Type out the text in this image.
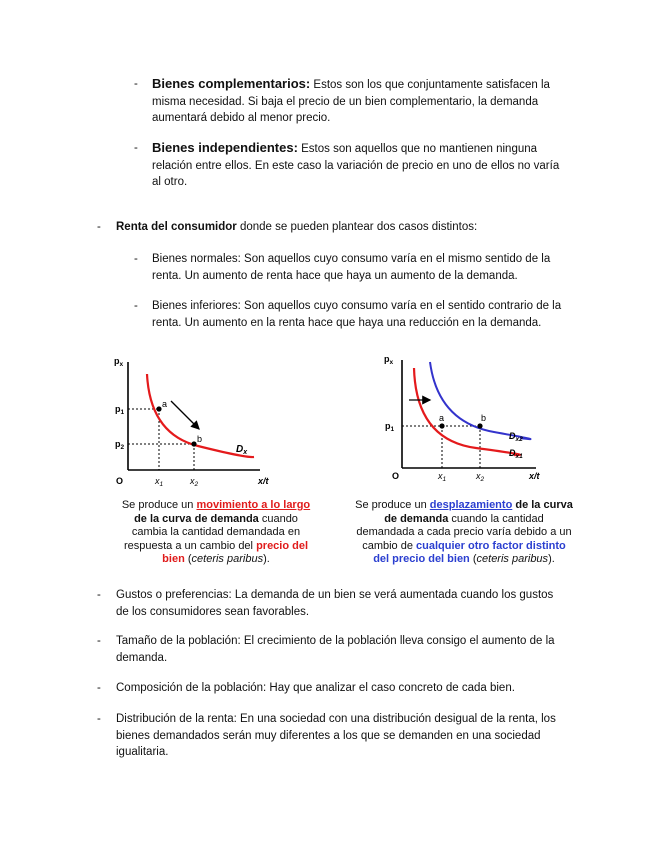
- Bienes complementarios: Estos son los que conjuntamente satisfacen la
misma necesidad. Si baja el precio de un bien complementario, la demanda
aumentará debido al menor precio.
- Bienes independientes: Estos son aquellos que no mantienen ninguna
relación entre ellos. En este caso la variación de precio en uno de ellos no varía
al otro.
- Renta del consumidor donde se pueden plantear dos casos distintos:
- Bienes normales: Son aquellos cuyo consumo varía en el mismo sentido de la
renta. Un aumento de renta hace que haya un aumento de la demanda.
- Bienes inferiores: Son aquellos cuyo consumo varía en el sentido contrario de la
renta. Un aumento en la renta hace que haya una reducción en la demanda.
$p_x$
$p_1$
$p_2$
O	$x_1$	$x_2$	x/t
a
b
$D_x$
Se produce un movimiento a lo largo
de la curva de demanda cuando
cambia la cantidad demandada en
respuesta a un cambio del precio del
bien (ceteris paribus).
$p_x$
$p_1$
O	$x_1$	$x_2$	x/t
a	b
$D_{x2}$
$D_{x1}$
Se produce un desplazamiento de la curva
de demanda cuando la cantidad
demandada a cada precio varía debido a un
cambio de cualquier otro factor distinto
del precio del bien (ceteris paribus).
- Gustos o preferencias: La demanda de un bien se verá aumentada cuando los gustos
de los consumidores sean favorables.
- Tamaño de la población: El crecimiento de la población lleva consigo el aumento de la
demanda.
- Composición de la población: Hay que analizar el caso concreto de cada bien.
- Distribución de la renta: En una sociedad con una distribución desigual de la renta, los
bienes demandados serán muy diferentes a los que se demanden en una sociedad
igualitaria.
